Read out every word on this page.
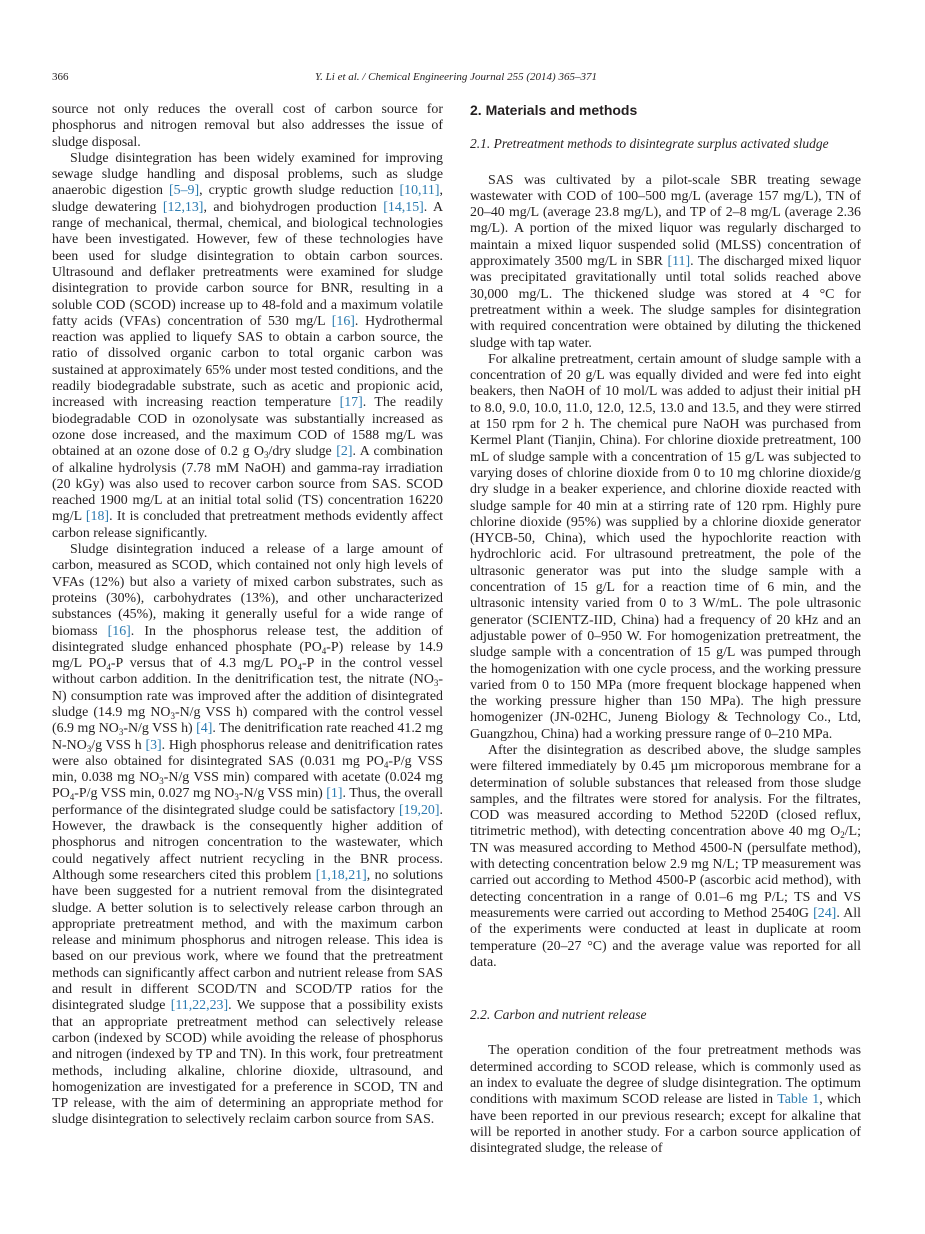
366	Y. Li et al. / Chemical Engineering Journal 255 (2014) 365–371

source not only reduces the overall cost of carbon source for phosphorus and nitrogen removal but also addresses the issue of sludge disposal.

Sludge disintegration has been widely examined for improving sewage sludge handling and disposal problems, such as sludge anaerobic digestion [5–9], cryptic growth sludge reduction [10,11], sludge dewatering [12,13], and biohydrogen production [14,15]. A range of mechanical, thermal, chemical, and biological technologies have been investigated. However, few of these technologies have been used for sludge disintegration to obtain carbon sources. Ultrasound and deflaker pretreatments were examined for sludge disintegration to provide carbon source for BNR, resulting in a soluble COD (SCOD) increase up to 48-fold and a maximum volatile fatty acids (VFAs) concentration of 530 mg/L [16]. Hydrothermal reaction was applied to liquefy SAS to obtain a carbon source, the ratio of dissolved organic carbon to total organic carbon was sustained at approximately 65% under most tested conditions, and the readily biodegradable substrate, such as acetic and propionic acid, increased with increasing reaction temperature [17]. The readily biodegradable COD in ozonolysate was substantially increased as ozone dose increased, and the maximum COD of 1588 mg/L was obtained at an ozone dose of 0.2 g $O_3$/dry sludge [2]. A combination of alkaline hydrolysis (7.78 mM NaOH) and gamma-ray irradiation (20 kGy) was also used to recover carbon source from SAS. SCOD reached 1900 mg/L at an initial total solid (TS) concentration 16220 mg/L [18]. It is concluded that pretreatment methods evidently affect carbon release significantly.

Sludge disintegration induced a release of a large amount of carbon, measured as SCOD, which contained not only high levels of VFAs (12%) but also a variety of mixed carbon substrates, such as proteins (30%), carbohydrates (13%), and other uncharacterized substances (45%), making it generally useful for a wide range of biomass [16]. In the phosphorus release test, the addition of disintegrated sludge enhanced phosphate $(PO_4-P)$ release by 14.9 mg/L $PO_4-P$ versus that of 4.3 mg/L $PO_4-P$ in the control vessel without carbon addition. In the denitrification test, the nitrate $(NO_3-N)$ consumption rate was improved after the addition of disintegrated sludge (14.9 mg $NO_3-N/g$ VSS h) compared with the control vessel (6.9 mg $NO_3-N/g$ VSS h) [4]. The denitrification rate reached 41.2 mg $N-NO_3/g$ VSS h [3]. High phosphorus release and denitrification rates were also obtained for disintegrated SAS (0.031 mg $PO_4-P/g$ VSS min, 0.038 mg $NO_3-N/g$ VSS min) compared with acetate (0.024 mg $PO_4-P/g$ VSS min, 0.027 mg $NO_3-N/g$ VSS min) [1]. Thus, the overall performance of the disintegrated sludge could be satisfactory [19,20]. However, the drawback is the consequently higher addition of phosphorus and nitrogen concentration to the wastewater, which could negatively affect nutrient recycling in the BNR process. Although some researchers cited this problem [1,18,21], no solutions have been suggested for a nutrient removal from the disintegrated sludge. A better solution is to selectively release carbon through an appropriate pretreatment method, and with the maximum carbon release and minimum phosphorus and nitrogen release. This idea is based on our previous work, where we found that the pretreatment methods can significantly affect carbon and nutrient release from SAS and result in different SCOD/TN and SCOD/TP ratios for the disintegrated sludge [11,22,23]. We suppose that a possibility exists that an appropriate pretreatment method can selectively release carbon (indexed by SCOD) while avoiding the release of phosphorus and nitrogen (indexed by TP and TN). In this work, four pretreatment methods, including alkaline, chlorine dioxide, ultrasound, and homogenization are investigated for a preference in SCOD, TN and TP release, with the aim of determining an appropriate method for sludge disintegration to selectively reclaim carbon source from SAS.

2. Materials and methods
2.1. Pretreatment methods to disintegrate surplus activated sludge

SAS was cultivated by a pilot-scale SBR treating sewage wastewater with COD of 100–500 mg/L (average 157 mg/L), TN of 20–40 mg/L (average 23.8 mg/L), and TP of 2–8 mg/L (average 2.36 mg/L). A portion of the mixed liquor was regularly discharged to maintain a mixed liquor suspended solid (MLSS) concentration of approximately 3500 mg/L in SBR [11]. The discharged mixed liquor was precipitated gravitationally until total solids reached above 30,000 mg/L. The thickened sludge was stored at 4 °C for pretreatment within a week. The sludge samples for disintegration with required concentration were obtained by diluting the thickened sludge with tap water.

For alkaline pretreatment, certain amount of sludge sample with a concentration of 20 g/L was equally divided and were fed into eight beakers, then NaOH of 10 mol/L was added to adjust their initial pH to 8.0, 9.0, 10.0, 11.0, 12.0, 12.5, 13.0 and 13.5, and they were stirred at 150 rpm for 2 h. The chemical pure NaOH was purchased from Kermel Plant (Tianjin, China). For chlorine dioxide pretreatment, 100 mL of sludge sample with a concentration of 15 g/L was subjected to varying doses of chlorine dioxide from 0 to 10 mg chlorine dioxide/g dry sludge in a beaker experience, and chlorine dioxide reacted with sludge sample for 40 min at a stirring rate of 120 rpm. Highly pure chlorine dioxide (95%) was supplied by a chlorine dioxide generator (HYCB-50, China), which used the hypochlorite reaction with hydrochloric acid. For ultrasound pretreatment, the pole of the ultrasonic generator was put into the sludge sample with a concentration of 15 g/L for a reaction time of 6 min, and the ultrasonic intensity varied from 0 to 3 W/mL. The pole ultrasonic generator (SCIENTZ-IID, China) had a frequency of 20 kHz and an adjustable power of 0–950 W. For homogenization pretreatment, the sludge sample with a concentration of 15 g/L was pumped through the homogenization with one cycle process, and the working pressure varied from 0 to 150 MPa (more frequent blockage happened when the working pressure higher than 150 MPa). The high pressure homogenizer (JN-02HC, Juneng Biology & Technology Co., Ltd, Guangzhou, China) had a working pressure range of 0–210 MPa.

After the disintegration as described above, the sludge samples were filtered immediately by 0.45 µm microporous membrane for a determination of soluble substances that released from those sludge samples, and the filtrates were stored for analysis. For the filtrates, COD was measured according to Method 5220D (closed reflux, titrimetric method), with detecting concentration above 40 mg $O_2/L$; TN was measured according to Method 4500-N (persulfate method), with detecting concentration below 2.9 mg N/L; TP measurement was carried out according to Method 4500-P (ascorbic acid method), with detecting concentration in a range of 0.01–6 mg P/L; TS and VS measurements were carried out according to Method 2540G [24]. All of the experiments were conducted at least in duplicate at room temperature (20–27 °C) and the average value was reported for all data.

2.2. Carbon and nutrient release

The operation condition of the four pretreatment methods was determined according to SCOD release, which is commonly used as an index to evaluate the degree of sludge disintegration. The optimum conditions with maximum SCOD release are listed in Table 1, which have been reported in our previous research; except for alkaline that will be reported in another study. For a carbon source application of disintegrated sludge, the release of
